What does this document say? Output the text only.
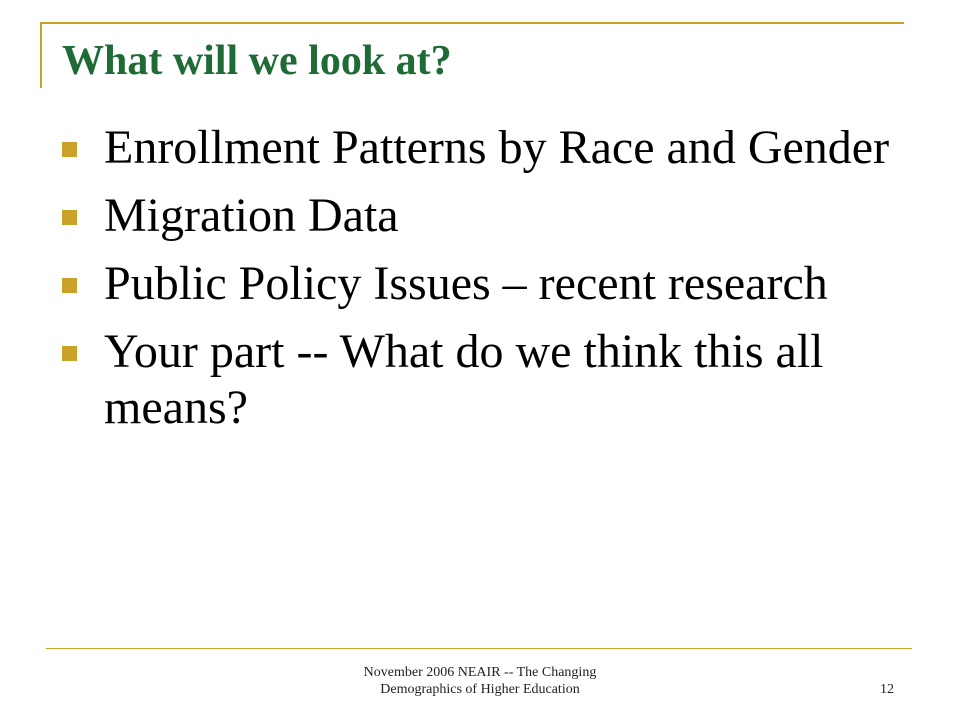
What will we look at?
Enrollment Patterns by Race and Gender
Migration Data
Public Policy Issues – recent research
Your part -- What do we think this all means?
November 2006 NEAIR -- The Changing
Demographics of Higher Education	12
